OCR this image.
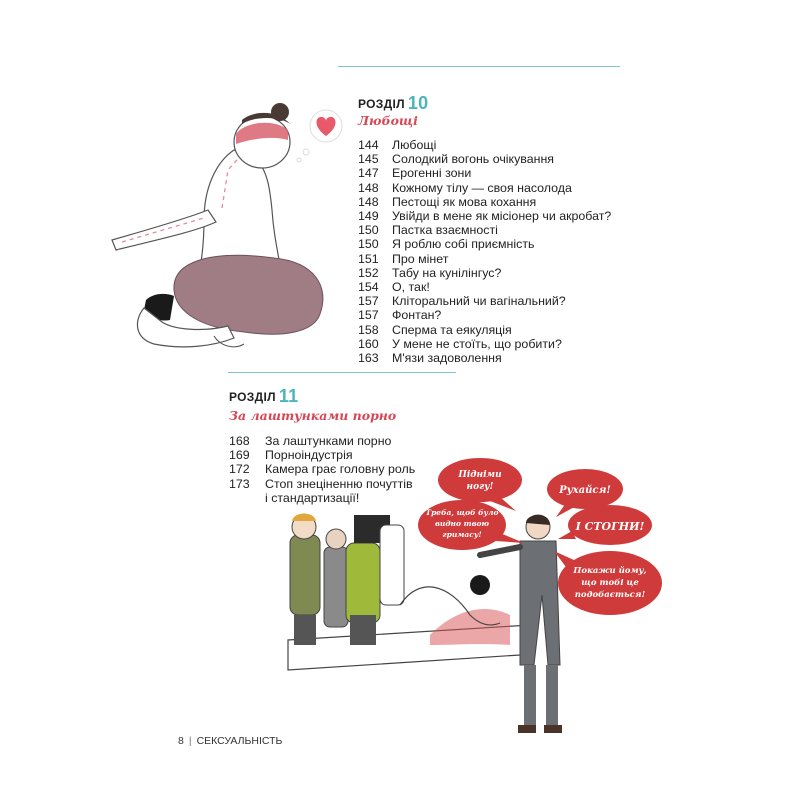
РОЗДІЛ 10
Любощі
144	Любощі
145	Солодкий вогонь очікування
147	Ерогенні зони
148	Кожному тілу — своя насолода
148	Пестощі як мова кохання
149	Увійди в мене як місіонер чи акробат?
150	Пастка взаємності
150	Я роблю собі приємність
151	Про мінет
152	Табу на кунілінгус?
154	О, так!
157	Кліторальний чи вагінальний?
157	Фонтан?
158	Сперма та еякуляція
160	У мене не стоїть, що робити?
163	М'язи задоволення
РОЗДІЛ 11
За лаштунками порно
168	За лаштунками порно
169	Порноіндустрія
172	Камера грає головну роль
173	Стоп знеціненню почуттів
і стандартизації!
Підніми
ногу!	Рухайся!
Треба, щоб було
видно твою
гримасу!
І СТОГНИ!
Покажи йому,
що тобі це
подобається!
8 | СЕКСУАЛЬНІСТЬ
